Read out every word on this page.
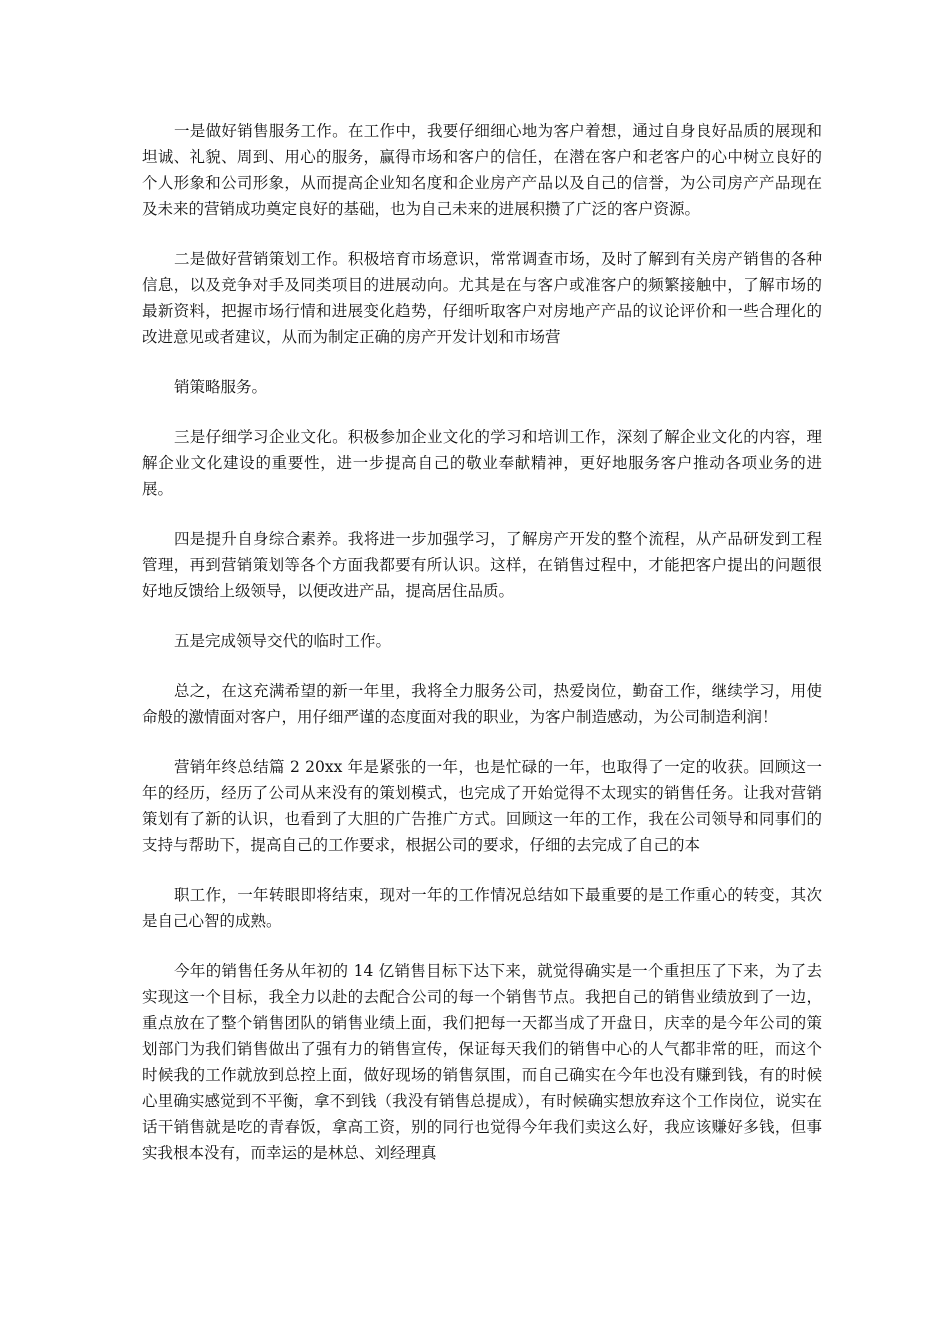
一是做好销售服务工作。在工作中，我要仔细细心地为客户着想，通过自身良好品质的展现和坦诚、礼貌、周到、用心的服务，赢得市场和客户的信任，在潜在客户和老客户的心中树立良好的个人形象和公司形象，从而提高企业知名度和企业房产产品以及自己的信誉，为公司房产产品现在及未来的营销成功奠定良好的基础，也为自己未来的进展积攒了广泛的客户资源。

二是做好营销策划工作。积极培育市场意识，常常调查市场，及时了解到有关房产销售的各种信息，以及竞争对手及同类项目的进展动向。尤其是在与客户或准客户的频繁接触中，了解市场的最新资料，把握市场行情和进展变化趋势，仔细听取客户对房地产产品的议论评价和一些合理化的改进意见或者建议，从而为制定正确的房产开发计划和市场营

销策略服务。

三是仔细学习企业文化。积极参加企业文化的学习和培训工作，深刻了解企业文化的内容，理解企业文化建设的重要性，进一步提高自己的敬业奉献精神，更好地服务客户推动各项业务的进展。

四是提升自身综合素养。我将进一步加强学习，了解房产开发的整个流程，从产品研发到工程管理，再到营销策划等各个方面我都要有所认识。这样，在销售过程中，才能把客户提出的问题很好地反馈给上级领导，以便改进产品，提高居住品质。

五是完成领导交代的临时工作。

总之，在这充满希望的新一年里，我将全力服务公司，热爱岗位，勤奋工作，继续学习，用使命般的激情面对客户，用仔细严谨的态度面对我的职业，为客户制造感动，为公司制造利润！

营销年终总结篇 2 20xx 年是紧张的一年，也是忙碌的一年，也取得了一定的收获。回顾这一年的经历，经历了公司从来没有的策划模式，也完成了开始觉得不太现实的销售任务。让我对营销策划有了新的认识，也看到了大胆的广告推广方式。回顾这一年的工作，我在公司领导和同事们的支持与帮助下，提高自己的工作要求，根据公司的要求，仔细的去完成了自己的本

职工作，一年转眼即将结束，现对一年的工作情况总结如下最重要的是工作重心的转变，其次是自己心智的成熟。

今年的销售任务从年初的 14 亿销售目标下达下来，就觉得确实是一个重担压了下来，为了去实现这一个目标，我全力以赴的去配合公司的每一个销售节点。我把自己的销售业绩放到了一边，重点放在了整个销售团队的销售业绩上面，我们把每一天都当成了开盘日，庆幸的是今年公司的策划部门为我们销售做出了强有力的销售宣传，保证每天我们的销售中心的人气都非常的旺，而这个时候我的工作就放到总控上面，做好现场的销售氛围，而自己确实在今年也没有赚到钱，有的时候心里确实感觉到不平衡，拿不到钱（我没有销售总提成），有时候确实想放弃这个工作岗位，说实在话干销售就是吃的青春饭，拿高工资，别的同行也觉得今年我们卖这么好，我应该赚好多钱，但事实我根本没有，而幸运的是林总、刘经理真
